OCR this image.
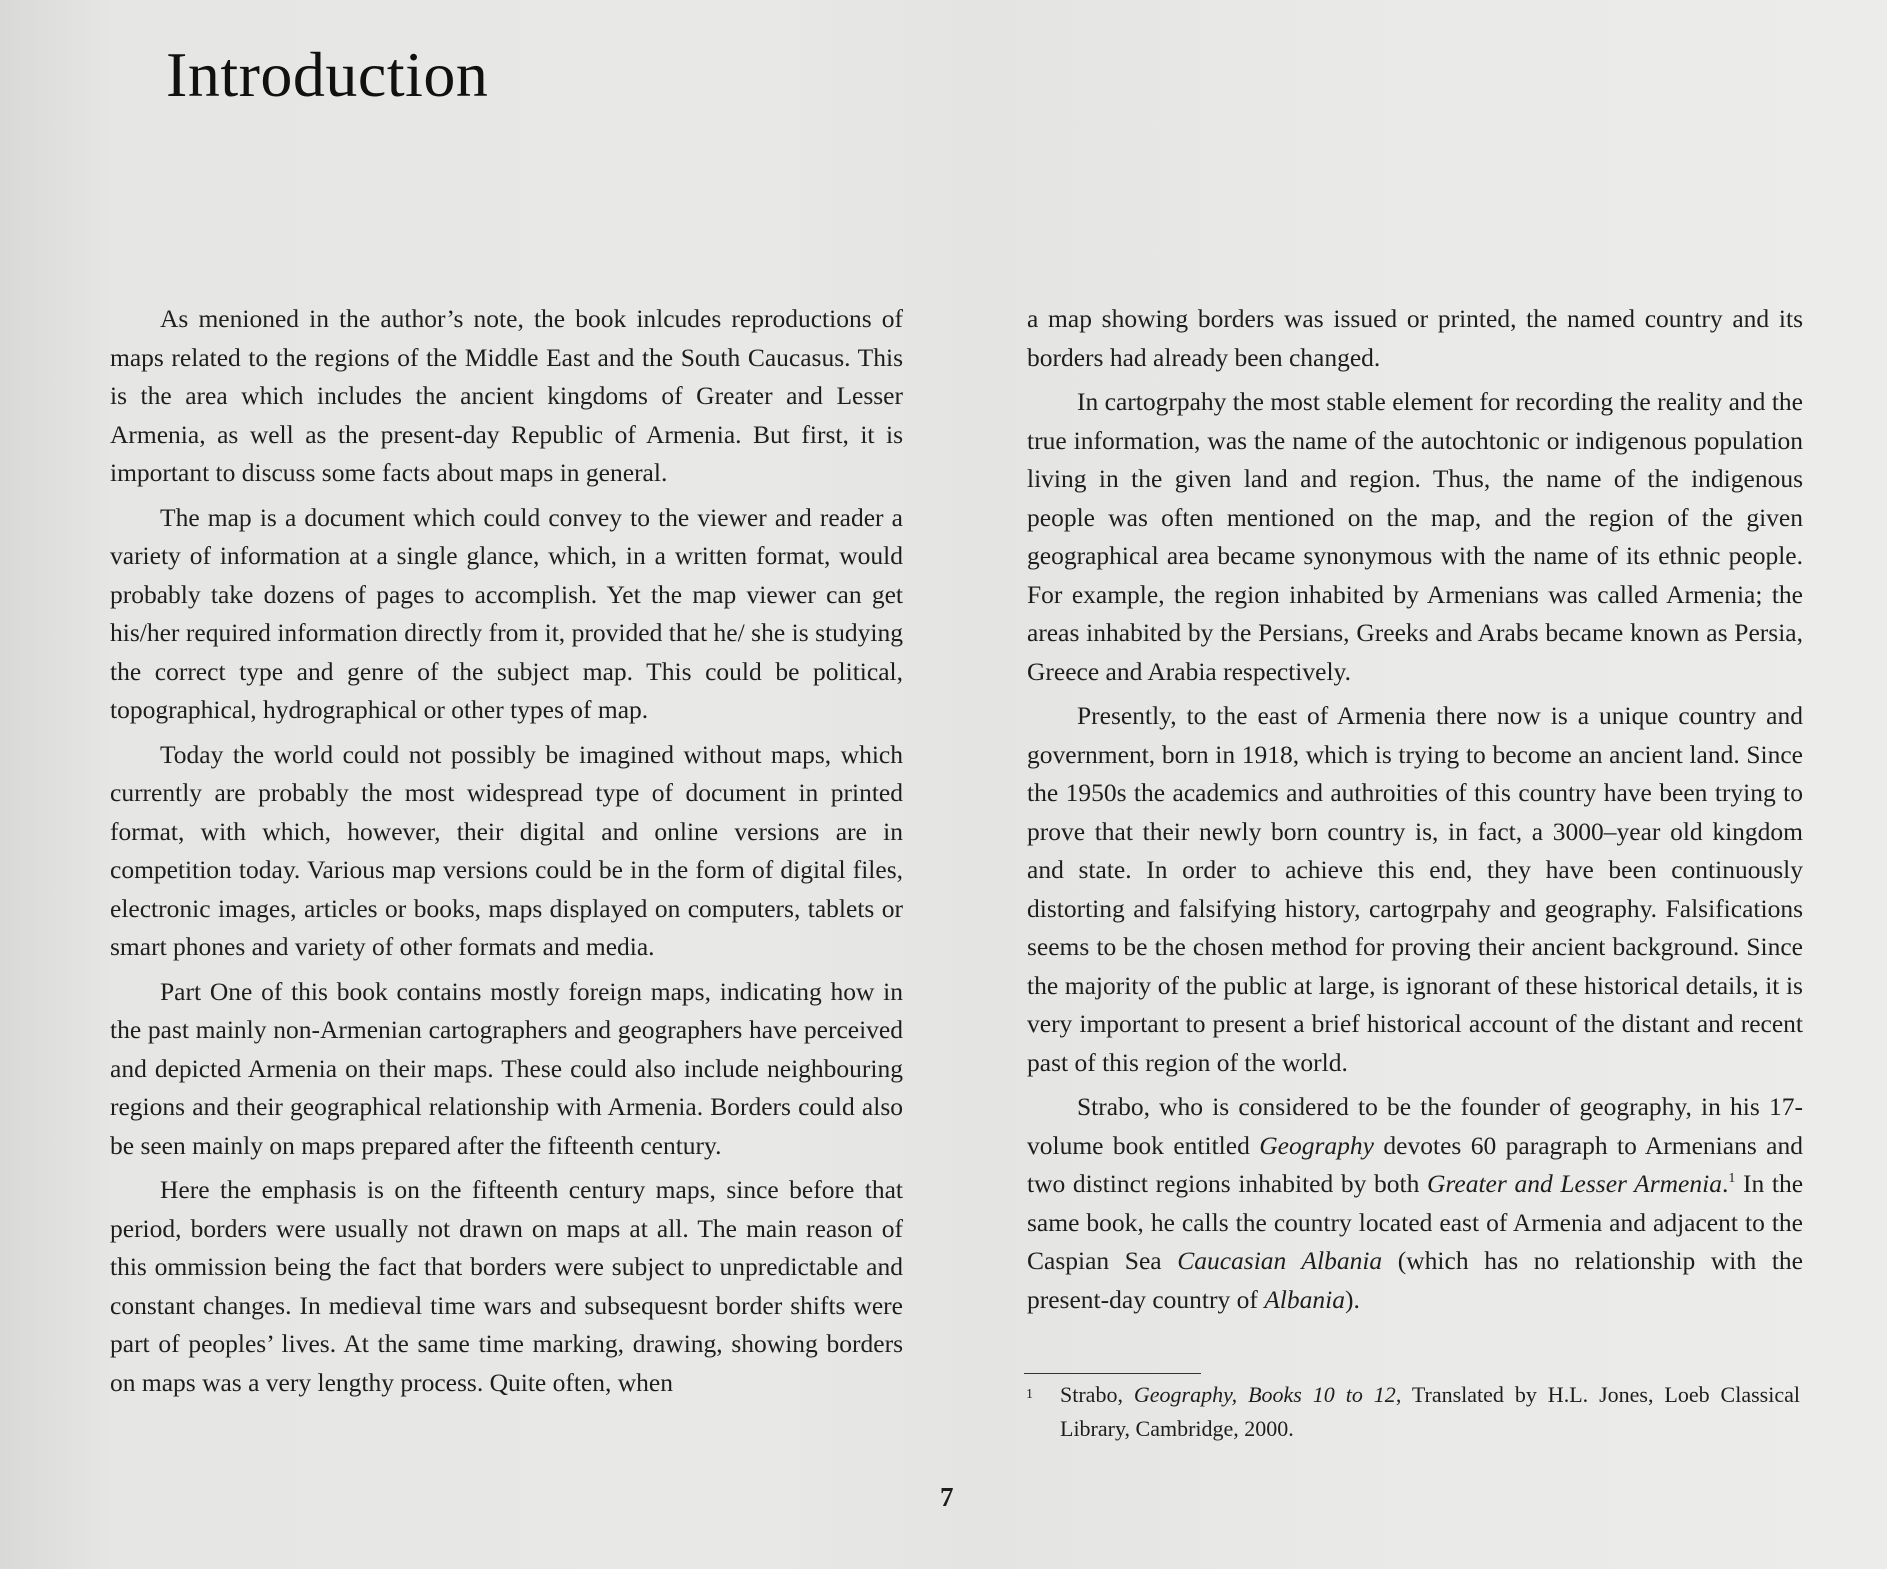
Introduction

As menioned in the author’s note, the book inlcudes reproductions of maps related to the regions of the Middle East and the South Caucasus. This is the area which includes the ancient kingdoms of Greater and Lesser Armenia, as well as the present-day Republic of Armenia. But first, it is important to discuss some facts about maps in general.

The map is a document which could convey to the viewer and reader a variety of information at a single glance, which, in a written format, would probably take dozens of pages to accomplish. Yet the map viewer can get his/her required information directly from it, provided that he/ she is studying the correct type and genre of the subject map. This could be political, topographical, hydrographical or other types of map.

Today the world could not possibly be imagined without maps, which currently are probably the most widespread type of document in printed format, with which, however, their digital and online versions are in competition today. Various map versions could be in the form of digital files, electronic images, articles or books, maps displayed on computers, tablets or smart phones and variety of other formats and media.

Part One of this book contains mostly foreign maps, indicating how in the past mainly non-Armenian cartographers and geographers have perceived and depicted Armenia on their maps. These could also include neighbouring regions and their geographical relationship with Armenia. Borders could also be seen mainly on maps prepared after the fifteenth century.

Here the emphasis is on the fifteenth century maps, since before that period, borders were usually not drawn on maps at all. The main reason of this ommission being the fact that borders were subject to unpredictable and constant changes. In medieval time wars and subsequesnt border shifts were part of peoples’ lives. At the same time marking, drawing, showing borders on maps was a very lengthy process. Quite often, when

a map showing borders was issued or printed, the named country and its borders had already been changed.

In cartogrpahy the most stable element for recording the reality and the true information, was the name of the autochtonic or indigenous population living in the given land and region. Thus, the name of the indigenous people was often mentioned on the map, and the region of the given geographical area became synonymous with the name of its ethnic people. For example, the region inhabited by Armenians was called Armenia; the areas inhabited by the Persians, Greeks and Arabs became known as Persia, Greece and Arabia respectively.

Presently, to the east of Armenia there now is a unique country and government, born in 1918, which is trying to become an ancient land. Since the 1950s the academics and authroities of this country have been trying to prove that their newly born country is, in fact, a 3000–year old kingdom and state. In order to achieve this end, they have been continuously distorting and falsifying history, cartogrpahy and geography. Falsifications seems to be the chosen method for proving their ancient background. Since the majority of the public at large, is ignorant of these historical details, it is very important to present a brief historical account of the distant and recent past of this region of the world.

Strabo, who is considered to be the founder of geography, in his 17-volume book entitled Geography devotes 60 paragraph to Armenians and two distinct regions inhabited by both Greater and Lesser Armenia.$^1$ In the same book, he calls the country located east of Armenia and adjacent to the Caspian Sea Caucasian Albania (which has no relationship with the present-day country of Albania).

1	Strabo, Geography, Books 10 to 12, Translated by H.L. Jones, Loeb Classical Library, Cambridge, 2000.
7
